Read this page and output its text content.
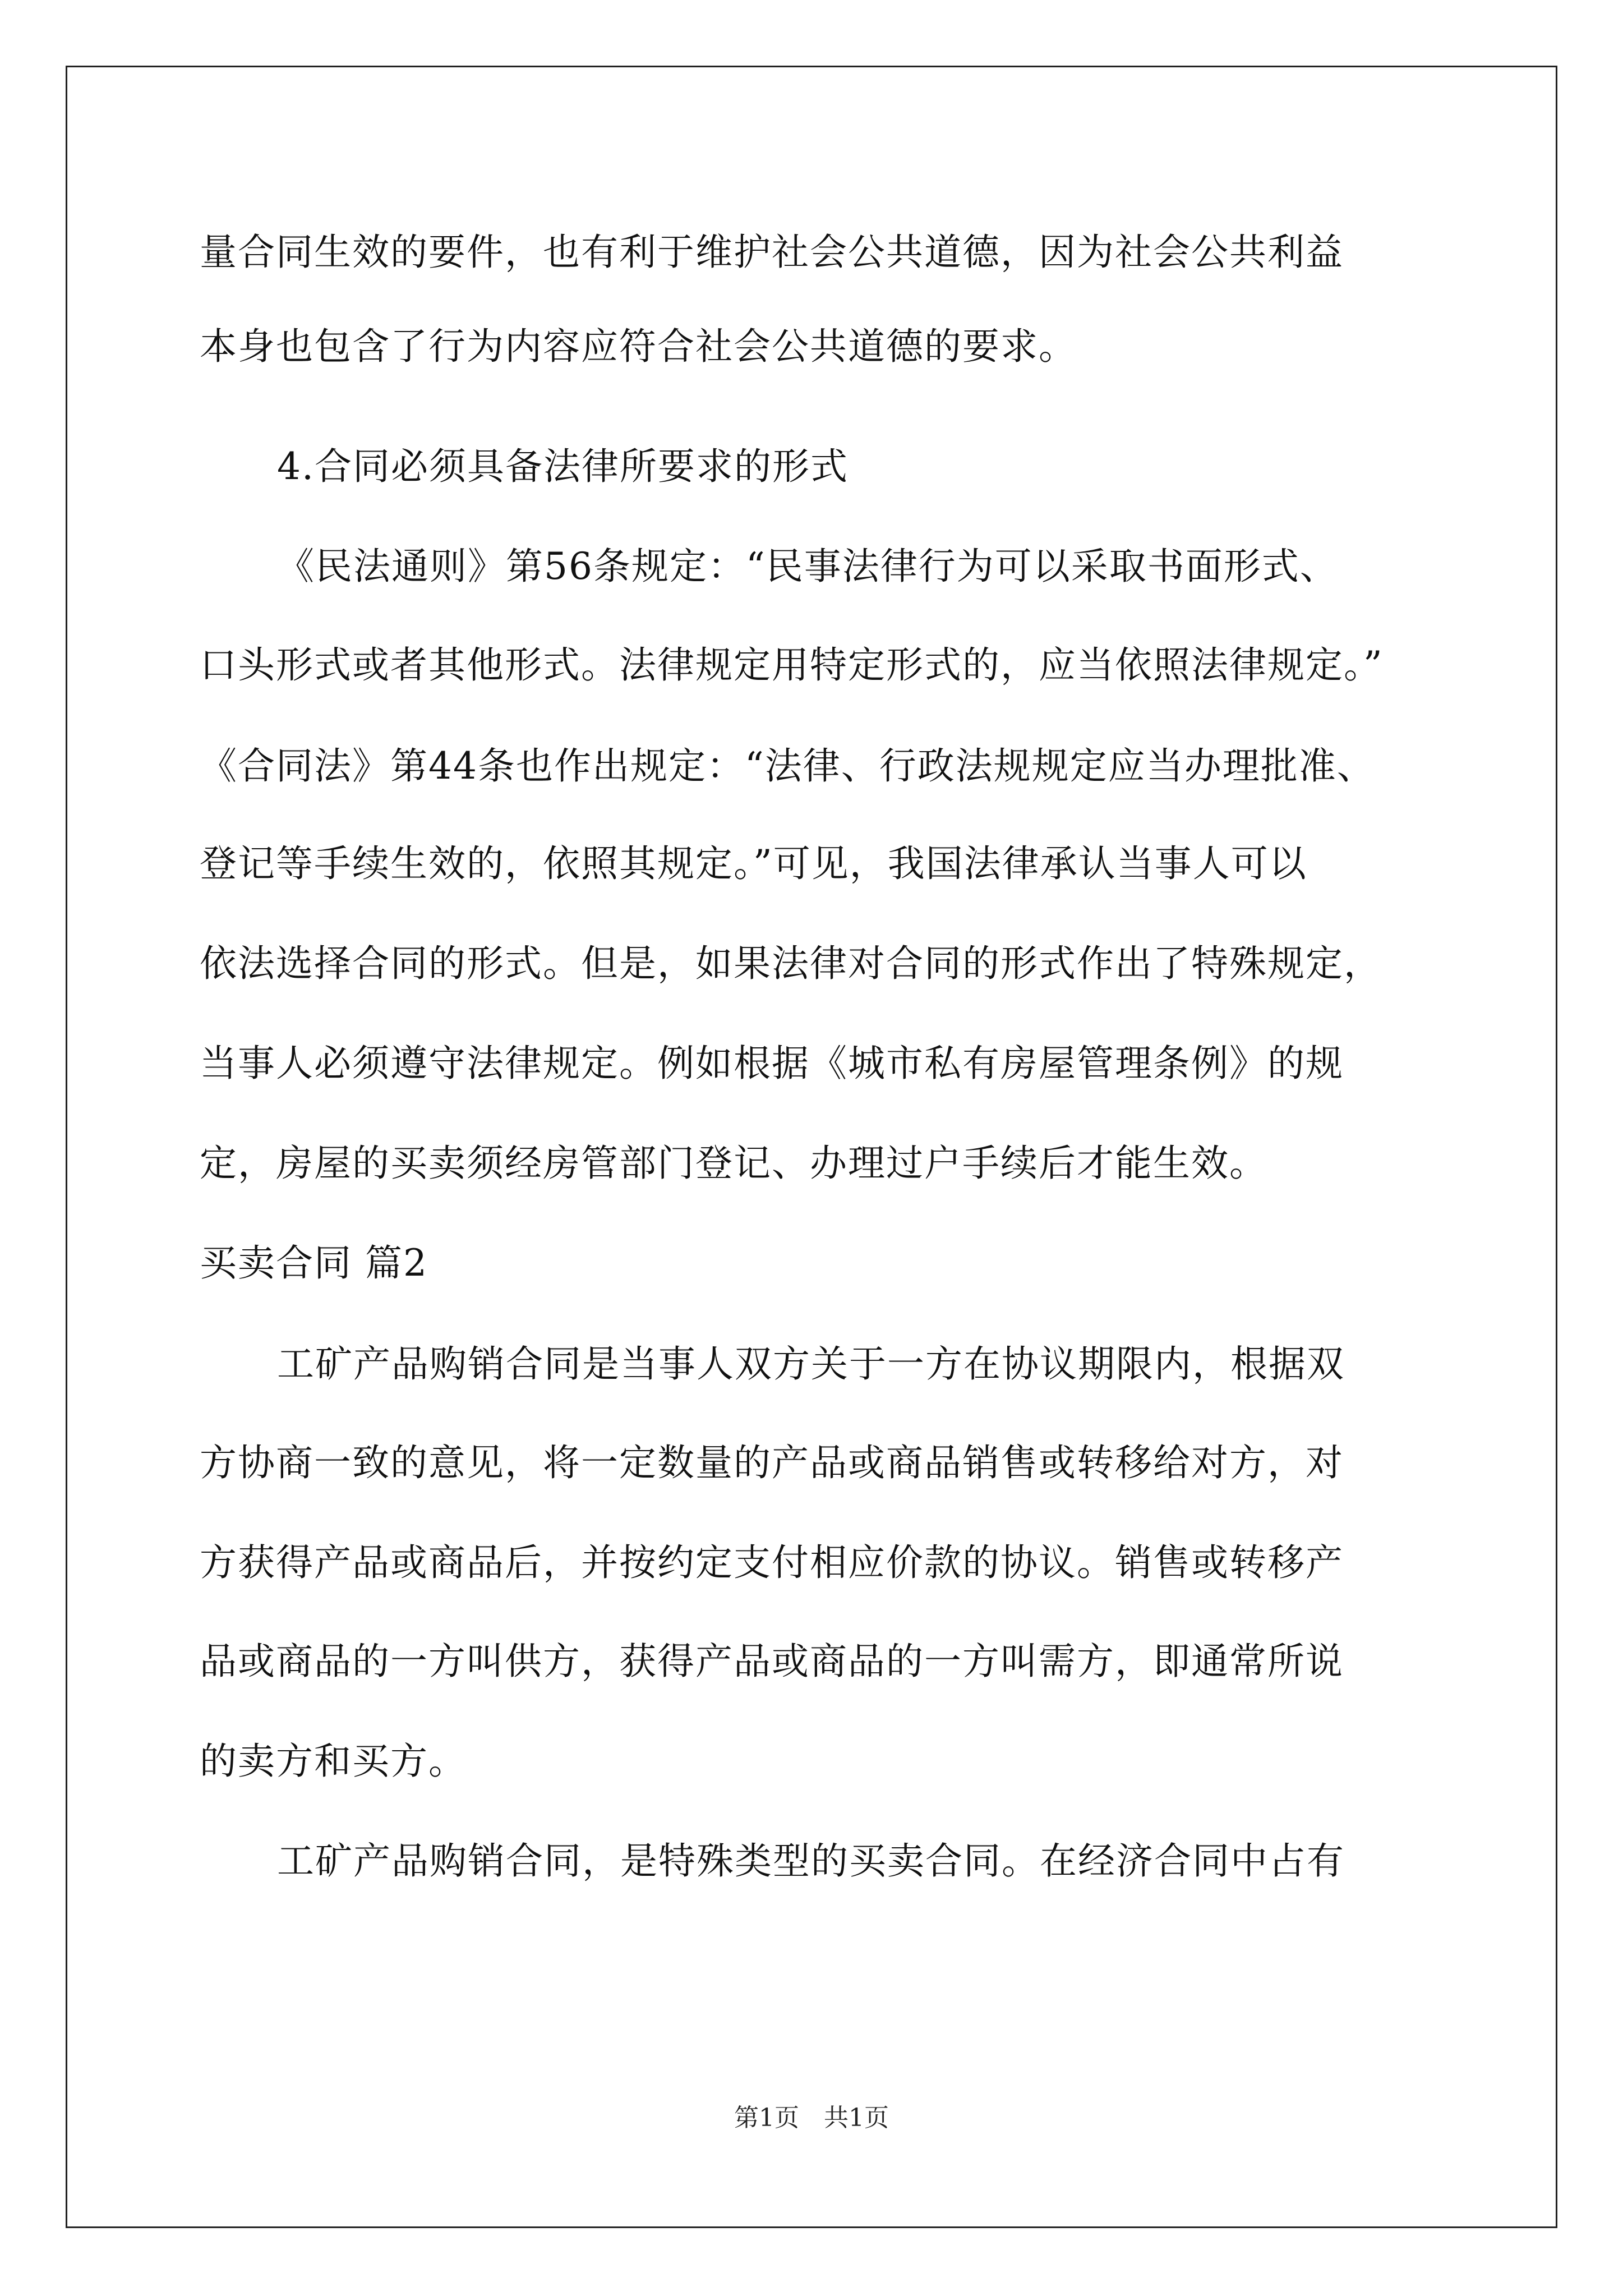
量合同生效的要件，也有利于维护社会公共道德，因为社会公共利益
本身也包含了行为内容应符合社会公共道德的要求。
4.合同必须具备法律所要求的形式
《民法通则》第56条规定：“民事法律行为可以采取书面形式、
口头形式或者其他形式。法律规定用特定形式的，应当依照法律规定。”
《合同法》第44条也作出规定：“法律、行政法规规定应当办理批准、
登记等手续生效的，依照其规定。”可见，我国法律承认当事人可以
依法选择合同的形式。但是，如果法律对合同的形式作出了特殊规定，
当事人必须遵守法律规定。例如根据《城市私有房屋管理条例》的规
定，房屋的买卖须经房管部门登记、办理过户手续后才能生效。
买卖合同 篇2
工矿产品购销合同是当事人双方关于一方在协议期限内，根据双
方协商一致的意见，将一定数量的产品或商品销售或转移给对方，对
方获得产品或商品后，并按约定支付相应价款的协议。销售或转移产
品或商品的一方叫供方，获得产品或商品的一方叫需方，即通常所说
的卖方和买方。
工矿产品购销合同，是特殊类型的买卖合同。在经济合同中占有
第1页　共1页
